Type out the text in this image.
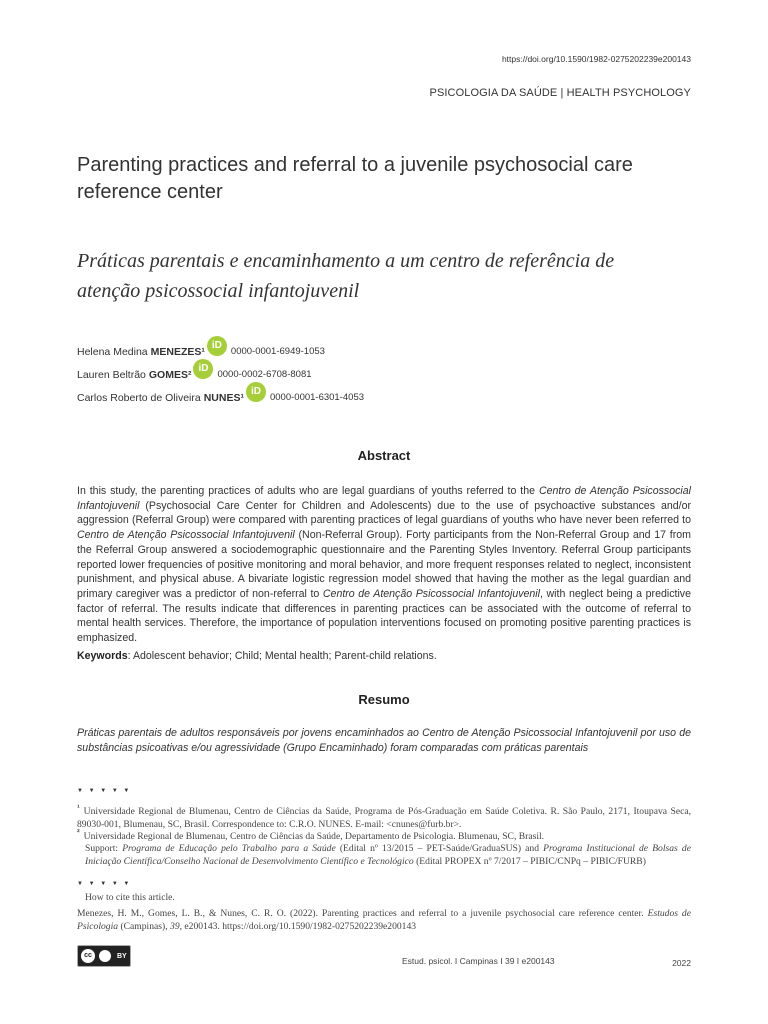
https://doi.org/10.1590/1982-0275202239e200143
PSICOLOGIA DA SAÚDE | HEALTH PSYCHOLOGY
Parenting practices and referral to a juvenile psychosocial care reference center
Práticas parentais e encaminhamento a um centro de referência de atenção psicossocial infantojuvenil
Helena Medina MENEZES¹
iD
0000-0001-6949-1053
Lauren Beltrão GOMES²
iD
0000-0002-6708-8081
Carlos Roberto de Oliveira NUNES¹
iD
0000-0001-6301-4053
Abstract
In this study, the parenting practices of adults who are legal guardians of youths referred to the Centro de Atenção Psicossocial Infantojuvenil (Psychosocial Care Center for Children and Adolescents) due to the use of psychoactive substances and/or aggression (Referral Group) were compared with parenting practices of legal guardians of youths who have never been referred to Centro de Atenção Psicossocial Infantojuvenil (Non-Referral Group). Forty participants from the Non-Referral Group and 17 from the Referral Group answered a sociodemographic questionnaire and the Parenting Styles Inventory. Referral Group participants reported lower frequencies of positive monitoring and moral behavior, and more frequent responses related to neglect, inconsistent punishment, and physical abuse. A bivariate logistic regression model showed that having the mother as the legal guardian and primary caregiver was a predictor of non-referral to Centro de Atenção Psicossocial Infantojuvenil, with neglect being a predictive factor of referral. The results indicate that differences in parenting practices can be associated with the outcome of referral to mental health services. Therefore, the importance of population interventions focused on promoting positive parenting practices is emphasized.
Keywords: Adolescent behavior; Child; Mental health; Parent-child relations.
Resumo
Práticas parentais de adultos responsáveis por jovens encaminhados ao Centro de Atenção Psicossocial Infantojuvenil por uso de substâncias psicoativas e/ou agressividade (Grupo Encaminhado) foram comparadas com práticas parentais
▼ ▼ ▼ ▼ ▼
$^{^1}$ Universidade Regional de Blumenau, Centro de Ciências da Saúde, Programa de Pós-Graduação em Saúde Coletiva. R. São Paulo, 2171, Itoupava Seca, 89030-001, Blumenau, SC, Brasil. Correspondence to: C.R.O. NUNES. E-mail: <cnunes@furb.br>.
$^{^2}$ Universidade Regional de Blumenau, Centro de Ciências da Saúde, Departamento de Psicologia. Blumenau, SC, Brasil.
Support: Programa de Educação pelo Trabalho para a Saúde (Edital nº 13/2015 – PET-Saúde/GraduaSUS) and Programa Institucional de Bolsas de Iniciação Científica/Conselho Nacional de Desenvolvimento Científico e Tecnológico (Edital PROPEX nº 7/2017 – PIBIC/CNPq – PIBIC/FURB)
▼ ▼ ▼ ▼ ▼
How to cite this article.
Menezes, H. M., Gomes, L. B., & Nunes, C. R. O. (2022). Parenting practices and referral to a juvenile psychosocial care reference center. Estudos de Psicologia (Campinas), 39, e200143. https://doi.org/10.1590/1982-0275202239e200143
cc	BY	Estud. psicol. I Campinas I 39 I e200143	2022
